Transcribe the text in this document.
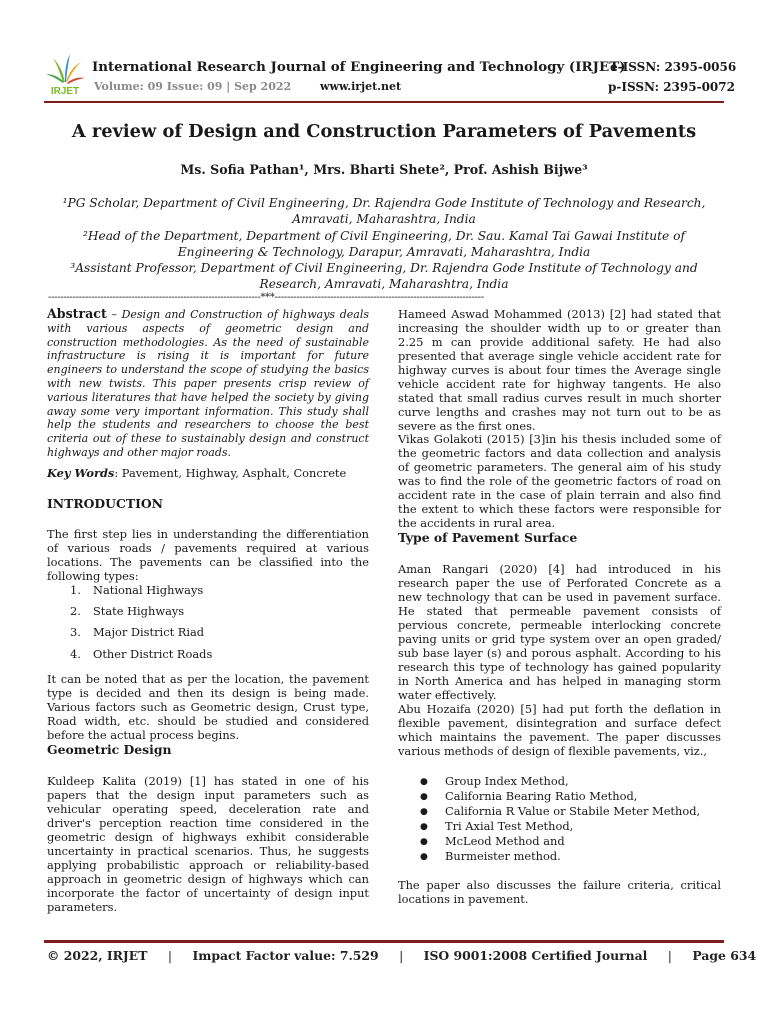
IRJET
International Research Journal of Engineering and Technology (IRJET)
e-ISSN: 2395-0056
Volume: 09 Issue: 09 | Sep 2022	www.irjet.net	p-ISSN: 2395-0072
A review of Design and Construction Parameters of Pavements
Ms. Sofia Pathan¹, Mrs. Bharti Shete², Prof. Ashish Bijwe³
¹PG Scholar, Department of Civil Engineering, Dr. Rajendra Gode Institute of Technology and Research, Amravati, Maharashtra, India
²Head of the Department, Department of Civil Engineering, Dr. Sau. Kamal Tai Gawai Institute of Engineering & Technology, Darapur, Amravati, Maharashtra, India
³Assistant Professor, Department of Civil Engineering, Dr. Rajendra Gode Institute of Technology and Research, Amravati, Maharashtra, India
---------------------------------------------------------------------***--------------------------------------------------------------------
Abstract – Design and Construction of highways deals with various aspects of geometric design and construction methodologies. As the need of sustainable infrastructure is rising it is important for future engineers to understand the scope of studying the basics with new twists. This paper presents crisp review of various literatures that have helped the society by giving away some very important information. This study shall help the students and researchers to choose the best criteria out of these to sustainably design and construct highways and other major roads.
Key Words: Pavement, Highway, Asphalt, Concrete
INTRODUCTION
The first step lies in understanding the differentiation of various roads / pavements required at various locations. The pavements can be classified into the following types:
1. National Highways
2. State Highways
3. Major District Riad
4. Other District Roads
It can be noted that as per the location, the pavement type is decided and then its design is being made. Various factors such as Geometric design, Crust type, Road width, etc. should be studied and considered before the actual process begins.
Geometric Design
Kuldeep Kalita (2019) [1] has stated in one of his papers that the design input parameters such as vehicular operating speed, deceleration rate and driver's perception reaction time considered in the geometric design of highways exhibit considerable uncertainty in practical scenarios. Thus, he suggests applying probabilistic approach or reliability-based approach in geometric design of highways which can incorporate the factor of uncertainty of design input parameters.
Hameed Aswad Mohammed (2013) [2] had stated that increasing the shoulder width up to or greater than 2.25 m can provide additional safety. He had also presented that average single vehicle accident rate for highway curves is about four times the Average single vehicle accident rate for highway tangents. He also stated that small radius curves result in much shorter curve lengths and crashes may not turn out to be as severe as the first ones.
Vikas Golakoti (2015) [3]in his thesis included some of the geometric factors and data collection and analysis of geometric parameters. The general aim of his study was to find the role of the geometric factors of road on accident rate in the case of plain terrain and also find the extent to which these factors were responsible for the accidents in rural area.
Type of Pavement Surface
Aman Rangari (2020) [4] had introduced in his research paper the use of Perforated Concrete as a new technology that can be used in pavement surface. He stated that permeable pavement consists of pervious concrete, permeable interlocking concrete paving units or grid type system over an open graded/ sub base layer (s) and porous asphalt. According to his research this type of technology has gained popularity in North America and has helped in managing storm water effectively.
Abu Hozaifa (2020) [5] had put forth the deflation in flexible pavement, disintegration and surface defect which maintains the pavement. The paper discusses various methods of design of flexible pavements, viz.,
● Group Index Method,
● California Bearing Ratio Method,
● California R Value or Stabile Meter Method,
● Tri Axial Test Method,
● McLeod Method and
● Burmeister method.
The paper also discusses the failure criteria, critical locations in pavement.
© 2022, IRJET | Impact Factor value: 7.529 | ISO 9001:2008 Certified Journal | Page 634
